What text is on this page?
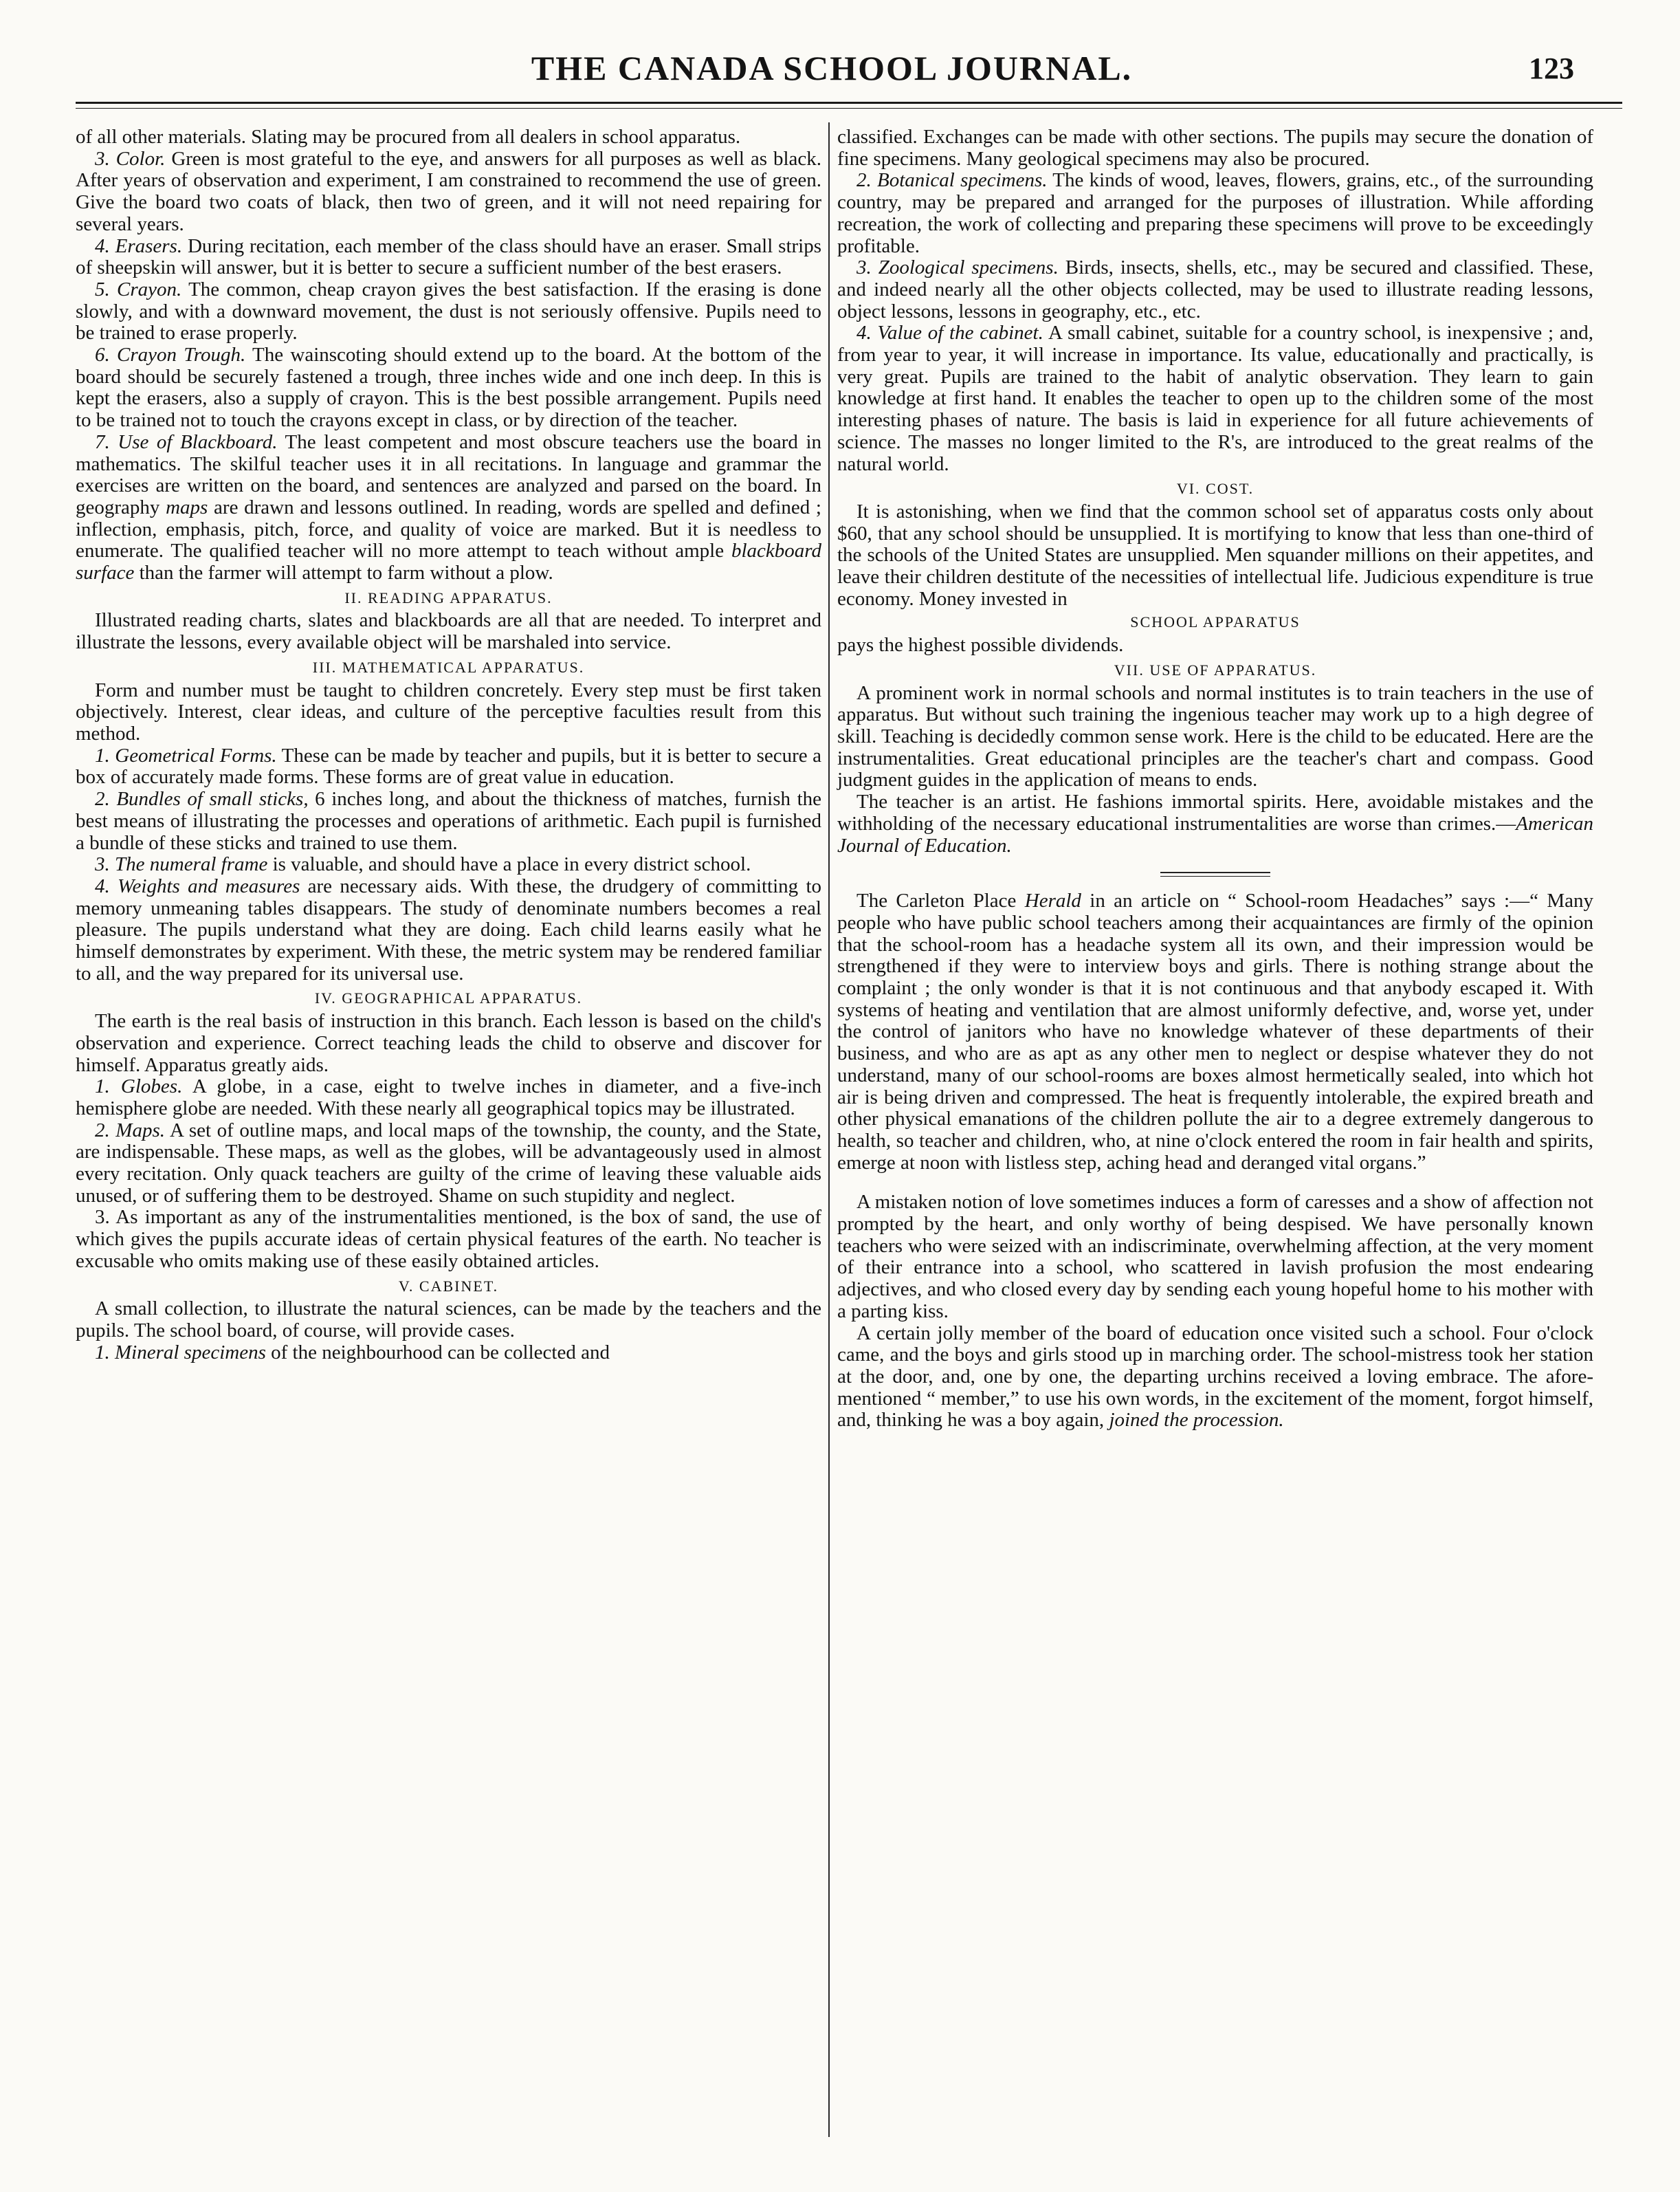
THE CANADA SCHOOL JOURNAL.	123

of all other materials. Slating may be procured from all dealers in school apparatus.

3. Color. Green is most grateful to the eye, and answers for all purposes as well as black. After years of observation and experiment, I am constrained to recommend the use of green. Give the board two coats of black, then two of green, and it will not need repairing for several years.

4. Erasers. During recitation, each member of the class should have an eraser. Small strips of sheepskin will answer, but it is better to secure a sufficient number of the best erasers.

5. Crayon. The common, cheap crayon gives the best satisfaction. If the erasing is done slowly, and with a downward movement, the dust is not seriously offensive. Pupils need to be trained to erase properly.

6. Crayon Trough. The wainscoting should extend up to the board. At the bottom of the board should be securely fastened a trough, three inches wide and one inch deep. In this is kept the erasers, also a supply of crayon. This is the best possible arrangement. Pupils need to be trained not to touch the crayons except in class, or by direction of the teacher.

7. Use of Blackboard. The least competent and most obscure teachers use the board in mathematics. The skilful teacher uses it in all recitations. In language and grammar the exercises are written on the board, and sentences are analyzed and parsed on the board. In geography maps are drawn and lessons outlined. In reading, words are spelled and defined ; inflection, emphasis, pitch, force, and quality of voice are marked. But it is needless to enumerate. The qualified teacher will no more attempt to teach without ample blackboard surface than the farmer will attempt to farm without a plow.

II. READING APPARATUS.

Illustrated reading charts, slates and blackboards are all that are needed. To interpret and illustrate the lessons, every available object will be marshaled into service.

III. MATHEMATICAL APPARATUS.

Form and number must be taught to children concretely. Every step must be first taken objectively. Interest, clear ideas, and culture of the perceptive faculties result from this method.

1. Geometrical Forms. These can be made by teacher and pupils, but it is better to secure a box of accurately made forms. These forms are of great value in education.

2. Bundles of small sticks, 6 inches long, and about the thickness of matches, furnish the best means of illustrating the processes and operations of arithmetic. Each pupil is furnished a bundle of these sticks and trained to use them.

3. The numeral frame is valuable, and should have a place in every district school.

4. Weights and measures are necessary aids. With these, the drudgery of committing to memory unmeaning tables disappears. The study of denominate numbers becomes a real pleasure. The pupils understand what they are doing. Each child learns easily what he himself demonstrates by experiment. With these, the metric system may be rendered familiar to all, and the way prepared for its universal use.

IV. GEOGRAPHICAL APPARATUS.

The earth is the real basis of instruction in this branch. Each lesson is based on the child's observation and experience. Correct teaching leads the child to observe and discover for himself. Apparatus greatly aids.

1. Globes. A globe, in a case, eight to twelve inches in diameter, and a five-inch hemisphere globe are needed. With these nearly all geographical topics may be illustrated.

2. Maps. A set of outline maps, and local maps of the township, the county, and the State, are indispensable. These maps, as well as the globes, will be advantageously used in almost every recitation. Only quack teachers are guilty of the crime of leaving these valuable aids unused, or of suffering them to be destroyed. Shame on such stupidity and neglect.

3. As important as any of the instrumentalities mentioned, is the box of sand, the use of which gives the pupils accurate ideas of certain physical features of the earth. No teacher is excusable who omits making use of these easily obtained articles.

V. CABINET.

A small collection, to illustrate the natural sciences, can be made by the teachers and the pupils. The school board, of course, will provide cases.

1. Mineral specimens of the neighbourhood can be collected and

classified. Exchanges can be made with other sections. The pupils may secure the donation of fine specimens. Many geological specimens may also be procured.

2. Botanical specimens. The kinds of wood, leaves, flowers, grains, etc., of the surrounding country, may be prepared and arranged for the purposes of illustration. While affording recreation, the work of collecting and preparing these specimens will prove to be exceedingly profitable.

3. Zoological specimens. Birds, insects, shells, etc., may be secured and classified. These, and indeed nearly all the other objects collected, may be used to illustrate reading lessons, object lessons, lessons in geography, etc., etc.

4. Value of the cabinet. A small cabinet, suitable for a country school, is inexpensive ; and, from year to year, it will increase in importance. Its value, educationally and practically, is very great. Pupils are trained to the habit of analytic observation. They learn to gain knowledge at first hand. It enables the teacher to open up to the children some of the most interesting phases of nature. The basis is laid in experience for all future achievements of science. The masses no longer limited to the R's, are introduced to the great realms of the natural world.

VI. COST.

It is astonishing, when we find that the common school set of apparatus costs only about $60, that any school should be unsupplied. It is mortifying to know that less than one-third of the schools of the United States are unsupplied. Men squander millions on their appetites, and leave their children destitute of the necessities of intellectual life. Judicious expenditure is true economy. Money invested in

SCHOOL APPARATUS

pays the highest possible dividends.

VII. USE OF APPARATUS.

A prominent work in normal schools and normal institutes is to train teachers in the use of apparatus. But without such training the ingenious teacher may work up to a high degree of skill. Teaching is decidedly common sense work. Here is the child to be educated. Here are the instrumentalities. Great educational principles are the teacher's chart and compass. Good judgment guides in the application of means to ends.

The teacher is an artist. He fashions immortal spirits. Here, avoidable mistakes and the withholding of the necessary educational instrumentalities are worse than crimes.—American Journal of Education.

The Carleton Place Herald in an article on “ School-room Headaches” says :—“ Many people who have public school teachers among their acquaintances are firmly of the opinion that the school-room has a headache system all its own, and their impression would be strengthened if they were to interview boys and girls. There is nothing strange about the complaint ; the only wonder is that it is not continuous and that anybody escaped it. With systems of heating and ventilation that are almost uniformly defective, and, worse yet, under the control of janitors who have no knowledge whatever of these departments of their business, and who are as apt as any other men to neglect or despise whatever they do not understand, many of our school-rooms are boxes almost hermetically sealed, into which hot air is being driven and compressed. The heat is frequently intolerable, the expired breath and other physical emanations of the children pollute the air to a degree extremely dangerous to health, so teacher and children, who, at nine o'clock entered the room in fair health and spirits, emerge at noon with listless step, aching head and deranged vital organs.”

A mistaken notion of love sometimes induces a form of caresses and a show of affection not prompted by the heart, and only worthy of being despised. We have personally known teachers who were seized with an indiscriminate, overwhelming affection, at the very moment of their entrance into a school, who scattered in lavish profusion the most endearing adjectives, and who closed every day by sending each young hopeful home to his mother with a parting kiss.

A certain jolly member of the board of education once visited such a school. Four o'clock came, and the boys and girls stood up in marching order. The school-mistress took her station at the door, and, one by one, the departing urchins received a loving embrace. The afore-mentioned “ member,” to use his own words, in the excitement of the moment, forgot himself, and, thinking he was a boy again, joined the procession.
